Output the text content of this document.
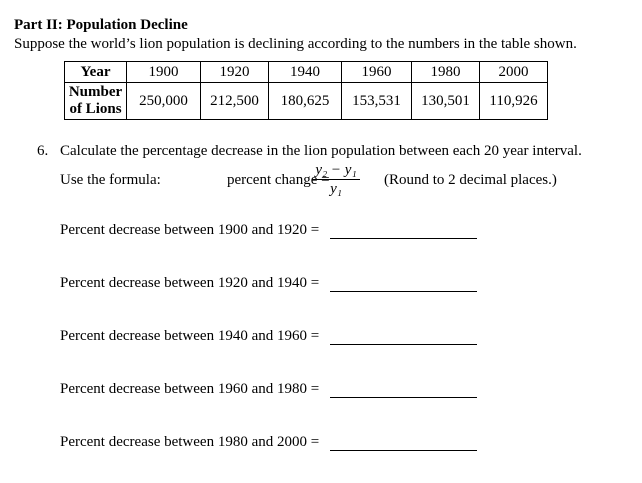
Part II: Population Decline
Suppose the world’s lion population is declining according to the numbers in the table shown.
Year	1900	1920	1940	1960	1980	2000
Number of Lions	250,000	212,500	180,625	153,531	130,501	110,926
6. Calculate the percentage decrease in the lion population between each 20 year interval.
Use the formula:	percent change =
y₂ − y₁
y₁
(Round to 2 decimal places.)
Percent decrease between 1900 and 1920 =
Percent decrease between 1920 and 1940 =
Percent decrease between 1940 and 1960 =
Percent decrease between 1960 and 1980 =
Percent decrease between 1980 and 2000 =
